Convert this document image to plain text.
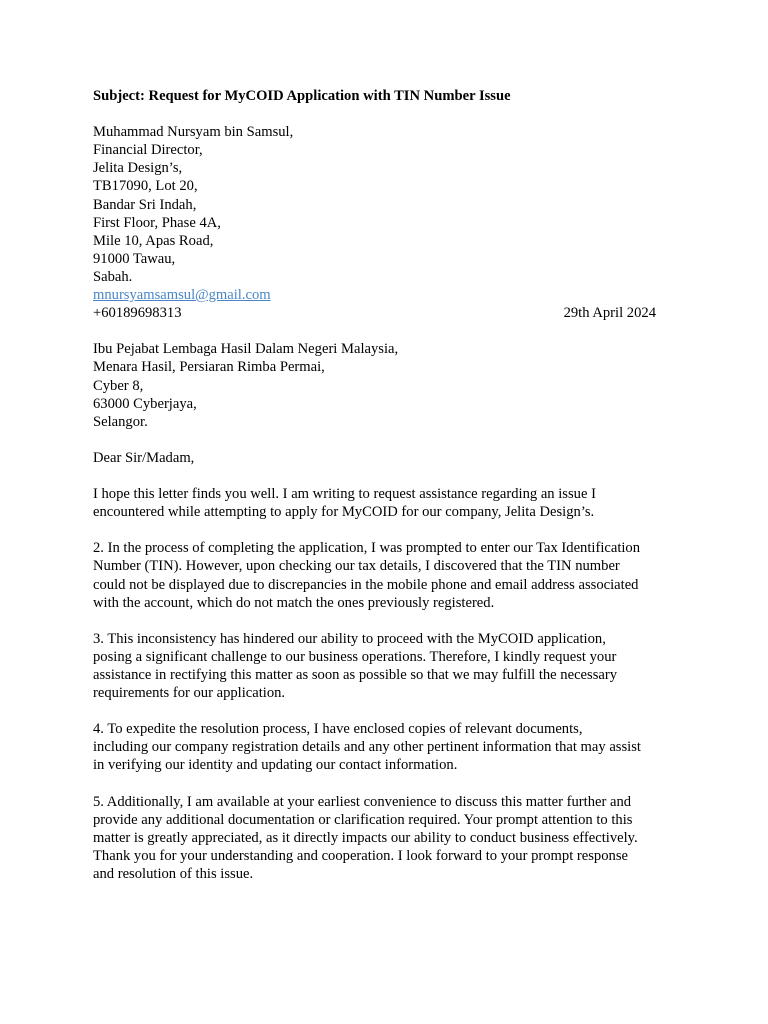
Subject: Request for MyCOID Application with TIN Number Issue

Muhammad Nursyam bin Samsul,
Financial Director,
Jelita Design’s,
TB17090, Lot 20,
Bandar Sri Indah,
First Floor, Phase 4A,
Mile 10, Apas Road,
91000 Tawau,
Sabah.
mnursyamsamsul@gmail.com
+60189698313	29th April 2024
Ibu Pejabat Lembaga Hasil Dalam Negeri Malaysia,
Menara Hasil, Persiaran Rimba Permai,
Cyber 8,
63000 Cyberjaya,
Selangor.
Dear Sir/Madam,
I hope this letter finds you well. I am writing to request assistance regarding an issue I
encountered while attempting to apply for MyCOID for our company, Jelita Design’s.
2. In the process of completing the application, I was prompted to enter our Tax Identification
Number (TIN). However, upon checking our tax details, I discovered that the TIN number
could not be displayed due to discrepancies in the mobile phone and email address associated
with the account, which do not match the ones previously registered.
3. This inconsistency has hindered our ability to proceed with the MyCOID application,
posing a significant challenge to our business operations. Therefore, I kindly request your
assistance in rectifying this matter as soon as possible so that we may fulfill the necessary
requirements for our application.
4. To expedite the resolution process, I have enclosed copies of relevant documents,
including our company registration details and any other pertinent information that may assist
in verifying our identity and updating our contact information.
5. Additionally, I am available at your earliest convenience to discuss this matter further and
provide any additional documentation or clarification required. Your prompt attention to this
matter is greatly appreciated, as it directly impacts our ability to conduct business effectively.
Thank you for your understanding and cooperation. I look forward to your prompt response
and resolution of this issue.
